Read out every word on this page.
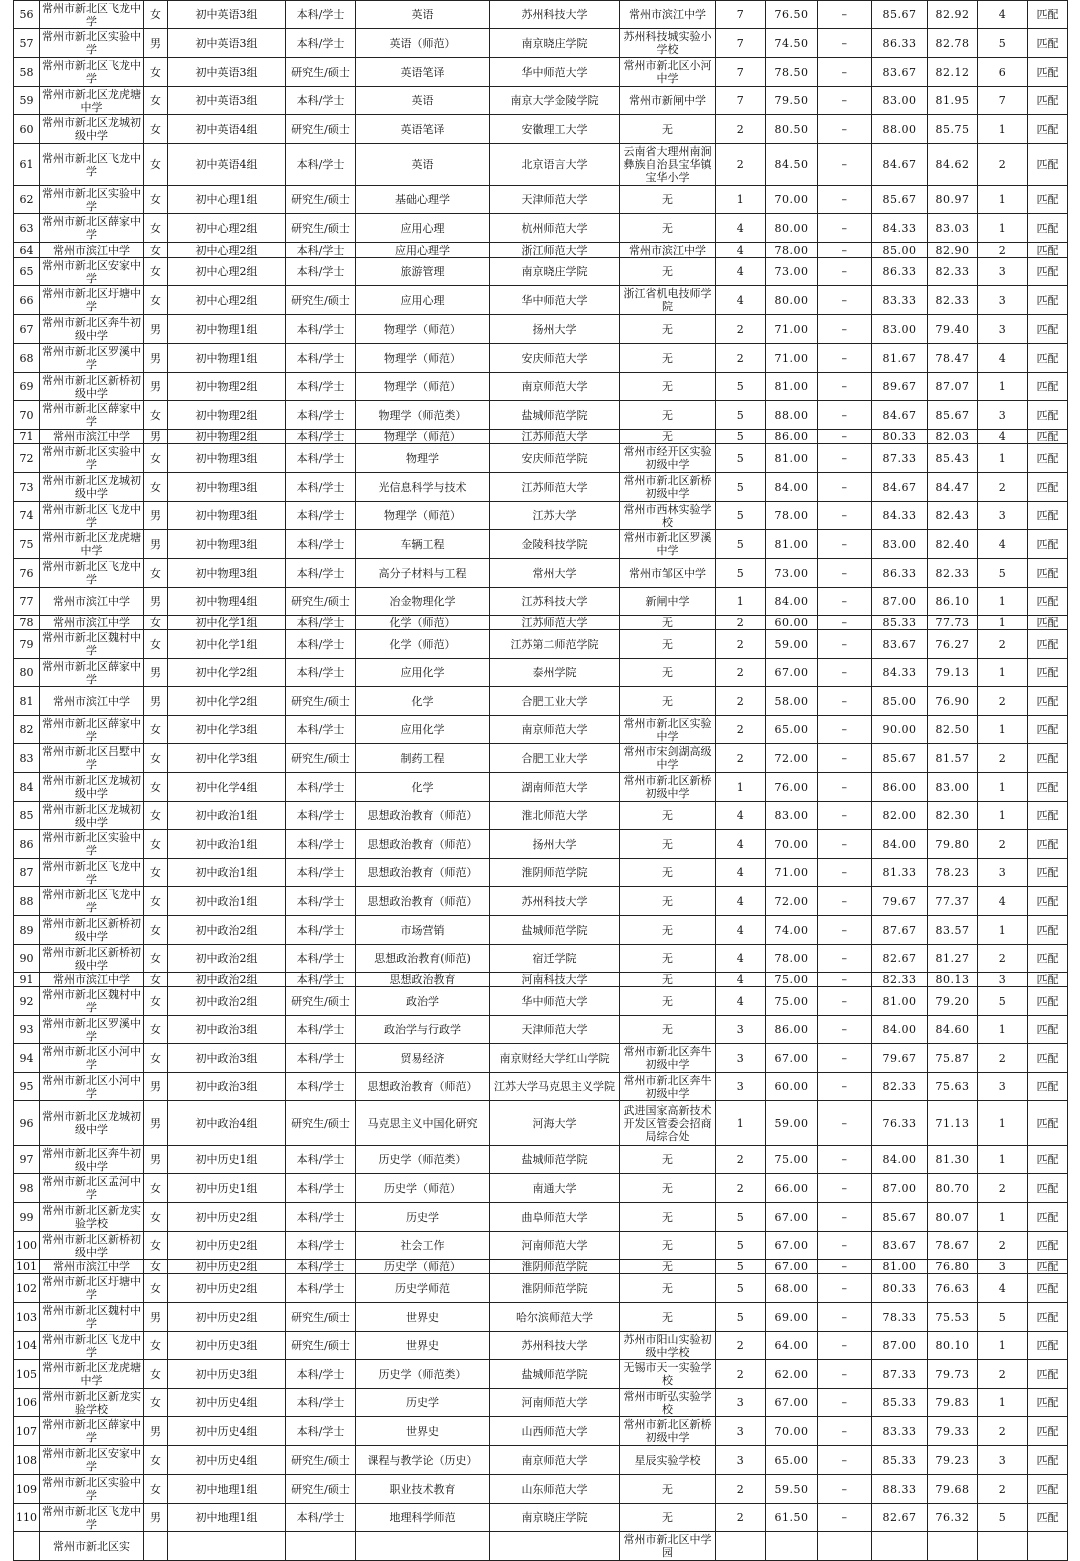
56	常州市新北区飞龙中学	女	初中英语3组	本科/学士	英语	苏州科技大学	常州市滨江中学	7	76.50	–	85.67	82.92	4	匹配
57	常州市新北区实验中学	男	初中英语3组	本科/学士	英语（师范）	南京晓庄学院	苏州科技城实验小学校	7	74.50	–	86.33	82.78	5	匹配
58	常州市新北区飞龙中学	女	初中英语3组	研究生/硕士	英语笔译	华中师范大学	常州市新北区小河中学	7	78.50	–	83.67	82.12	6	匹配
59	常州市新北区龙虎塘中学	女	初中英语3组	本科/学士	英语	南京大学金陵学院	常州市新闸中学	7	79.50	–	83.00	81.95	7	匹配
60	常州市新北区龙城初级中学	女	初中英语4组	研究生/硕士	英语笔译	安徽理工大学	无	2	80.50	–	88.00	85.75	1	匹配
61	常州市新北区飞龙中学	女	初中英语4组	本科/学士	英语	北京语言大学	云南省大理州南涧彝族自治县宝华镇宝华小学	2	84.50	–	84.67	84.62	2	匹配
62	常州市新北区实验中学	女	初中心理1组	研究生/硕士	基础心理学	天津师范大学	无	1	70.00	–	85.67	80.97	1	匹配
63	常州市新北区薛家中学	女	初中心理2组	研究生/硕士	应用心理	杭州师范大学	无	4	80.00	–	84.33	83.03	1	匹配
64	常州市滨江中学	女	初中心理2组	本科/学士	应用心理学	浙江师范大学	常州市滨江中学	4	78.00	–	85.00	82.90	2	匹配
65	常州市新北区安家中学	女	初中心理2组	本科/学士	旅游管理	南京晓庄学院	无	4	73.00	–	86.33	82.33	3	匹配
66	常州市新北区圩塘中学	女	初中心理2组	研究生/硕士	应用心理	华中师范大学	浙江省机电技师学院	4	80.00	–	83.33	82.33	3	匹配
67	常州市新北区奔牛初级中学	男	初中物理1组	本科/学士	物理学（师范）	扬州大学	无	2	71.00	–	83.00	79.40	3	匹配
68	常州市新北区罗溪中学	男	初中物理1组	本科/学士	物理学（师范）	安庆师范大学	无	2	71.00	–	81.67	78.47	4	匹配
69	常州市新北区新桥初级中学	男	初中物理2组	本科/学士	物理学（师范）	南京师范大学	无	5	81.00	–	89.67	87.07	1	匹配
70	常州市新北区薛家中学	女	初中物理2组	本科/学士	物理学（师范类）	盐城师范学院	无	5	88.00	–	84.67	85.67	3	匹配
71	常州市滨江中学	男	初中物理2组	本科/学士	物理学（师范）	江苏师范大学	无	5	86.00	–	80.33	82.03	4	匹配
72	常州市新北区实验中学	女	初中物理3组	本科/学士	物理学	安庆师范学院	常州市经开区实验初级中学	5	81.00	–	87.33	85.43	1	匹配
73	常州市新北区龙城初级中学	女	初中物理3组	本科/学士	光信息科学与技术	江苏师范大学	常州市新北区新桥初级中学	5	84.00	–	84.67	84.47	2	匹配
74	常州市新北区飞龙中学	男	初中物理3组	本科/学士	物理学（师范）	江苏大学	常州市西林实验学校	5	78.00	–	84.33	82.43	3	匹配
75	常州市新北区龙虎塘中学	男	初中物理3组	本科/学士	车辆工程	金陵科技学院	常州市新北区罗溪中学	5	81.00	–	83.00	82.40	4	匹配
76	常州市新北区飞龙中学	女	初中物理3组	本科/学士	高分子材料与工程	常州大学	常州市邹区中学	5	73.00	–	86.33	82.33	5	匹配
77	常州市滨江中学	男	初中物理4组	研究生/硕士	冶金物理化学	江苏科技大学	新闸中学	1	84.00	–	87.00	86.10	1	匹配
78	常州市滨江中学	女	初中化学1组	本科/学士	化学（师范）	江苏师范大学	无	2	60.00	–	85.33	77.73	1	匹配
79	常州市新北区魏村中学	女	初中化学1组	本科/学士	化学（师范）	江苏第二师范学院	无	2	59.00	–	83.67	76.27	2	匹配
80	常州市新北区薛家中学	男	初中化学2组	本科/学士	应用化学	泰州学院	无	2	67.00	–	84.33	79.13	1	匹配
81	常州市滨江中学	男	初中化学2组	研究生/硕士	化学	合肥工业大学	无	2	58.00	–	85.00	76.90	2	匹配
82	常州市新北区薛家中学	女	初中化学3组	本科/学士	应用化学	南京师范大学	常州市新北区实验中学	2	65.00	–	90.00	82.50	1	匹配
83	常州市新北区吕墅中学	女	初中化学3组	研究生/硕士	制药工程	合肥工业大学	常州市宋剑湖高级中学	2	72.00	–	85.67	81.57	2	匹配
84	常州市新北区龙城初级中学	女	初中化学4组	本科/学士	化学	湖南师范大学	常州市新北区新桥初级中学	1	76.00	–	86.00	83.00	1	匹配
85	常州市新北区龙城初级中学	女	初中政治1组	本科/学士	思想政治教育（师范）	淮北师范大学	无	4	83.00	–	82.00	82.30	1	匹配
86	常州市新北区实验中学	女	初中政治1组	本科/学士	思想政治教育（师范）	扬州大学	无	4	70.00	–	84.00	79.80	2	匹配
87	常州市新北区飞龙中学	女	初中政治1组	本科/学士	思想政治教育（师范）	淮阴师范学院	无	4	71.00	–	81.33	78.23	3	匹配
88	常州市新北区飞龙中学	女	初中政治1组	本科/学士	思想政治教育（师范）	苏州科技大学	无	4	72.00	–	79.67	77.37	4	匹配
89	常州市新北区新桥初级中学	女	初中政治2组	本科/学士	市场营销	盐城师范学院	无	4	74.00	–	87.67	83.57	1	匹配
90	常州市新北区新桥初级中学	女	初中政治2组	本科/学士	思想政治教育(师范)	宿迁学院	无	4	78.00	–	82.67	81.27	2	匹配
91	常州市滨江中学	女	初中政治2组	本科/学士	思想政治教育	河南科技大学	无	4	75.00	–	82.33	80.13	3	匹配
92	常州市新北区魏村中学	女	初中政治2组	研究生/硕士	政治学	华中师范大学	无	4	75.00	–	81.00	79.20	5	匹配
93	常州市新北区罗溪中学	女	初中政治3组	本科/学士	政治学与行政学	天津师范大学	无	3	86.00	–	84.00	84.60	1	匹配
94	常州市新北区小河中学	女	初中政治3组	本科/学士	贸易经济	南京财经大学红山学院	常州市新北区奔牛初级中学	3	67.00	–	79.67	75.87	2	匹配
95	常州市新北区小河中学	男	初中政治3组	本科/学士	思想政治教育（师范）	江苏大学马克思主义学院	常州市新北区奔牛初级中学	3	60.00	–	82.33	75.63	3	匹配
96	常州市新北区龙城初级中学	男	初中政治4组	研究生/硕士	马克思主义中国化研究	河海大学	武进国家高新技术开发区管委会招商局综合处	1	59.00	–	76.33	71.13	1	匹配
97	常州市新北区奔牛初级中学	男	初中历史1组	本科/学士	历史学（师范类）	盐城师范学院	无	2	75.00	–	84.00	81.30	1	匹配
98	常州市新北区孟河中学	女	初中历史1组	本科/学士	历史学（师范）	南通大学	无	2	66.00	–	87.00	80.70	2	匹配
99	常州市新北区新龙实验学校	女	初中历史2组	本科/学士	历史学	曲阜师范大学	无	5	67.00	–	85.67	80.07	1	匹配
100	常州市新北区新桥初级中学	女	初中历史2组	本科/学士	社会工作	河南师范大学	无	5	67.00	–	83.67	78.67	2	匹配
101	常州市滨江中学	女	初中历史2组	本科/学士	历史学（师范）	淮阴师范学院	无	5	67.00	–	81.00	76.80	3	匹配
102	常州市新北区圩塘中学	女	初中历史2组	本科/学士	历史学师范	淮阴师范学院	无	5	68.00	–	80.33	76.63	4	匹配
103	常州市新北区魏村中学	男	初中历史2组	研究生/硕士	世界史	哈尔滨师范大学	无	5	69.00	–	78.33	75.53	5	匹配
104	常州市新北区飞龙中学	女	初中历史3组	研究生/硕士	世界史	苏州科技大学	苏州市阳山实验初级中学校	2	64.00	–	87.00	80.10	1	匹配
105	常州市新北区龙虎塘中学	女	初中历史3组	本科/学士	历史学（师范类）	盐城师范学院	无锡市天一实验学校	2	62.00	–	87.33	79.73	2	匹配
106	常州市新北区新龙实验学校	女	初中历史4组	本科/学士	历史学	河南师范大学	常州市昕弘实验学校	3	67.00	–	85.33	79.83	1	匹配
107	常州市新北区薛家中学	男	初中历史4组	本科/学士	世界史	山西师范大学	常州市新北区新桥初级中学	3	70.00	–	83.33	79.33	2	匹配
108	常州市新北区安家中学	女	初中历史4组	研究生/硕士	课程与教学论（历史）	南京师范大学	星辰实验学校	3	65.00	–	85.33	79.23	3	匹配
109	常州市新北区实验中学	女	初中地理1组	研究生/硕士	职业技术教育	山东师范大学	无	2	59.50	–	88.33	79.68	2	匹配
110	常州市新北区飞龙中学	男	初中地理1组	本科/学士	地理科学师范	南京晓庄学院	无	2	61.50	–	82.67	76.32	5	匹配
	常州市新北区实						常州市新北区中学园							
